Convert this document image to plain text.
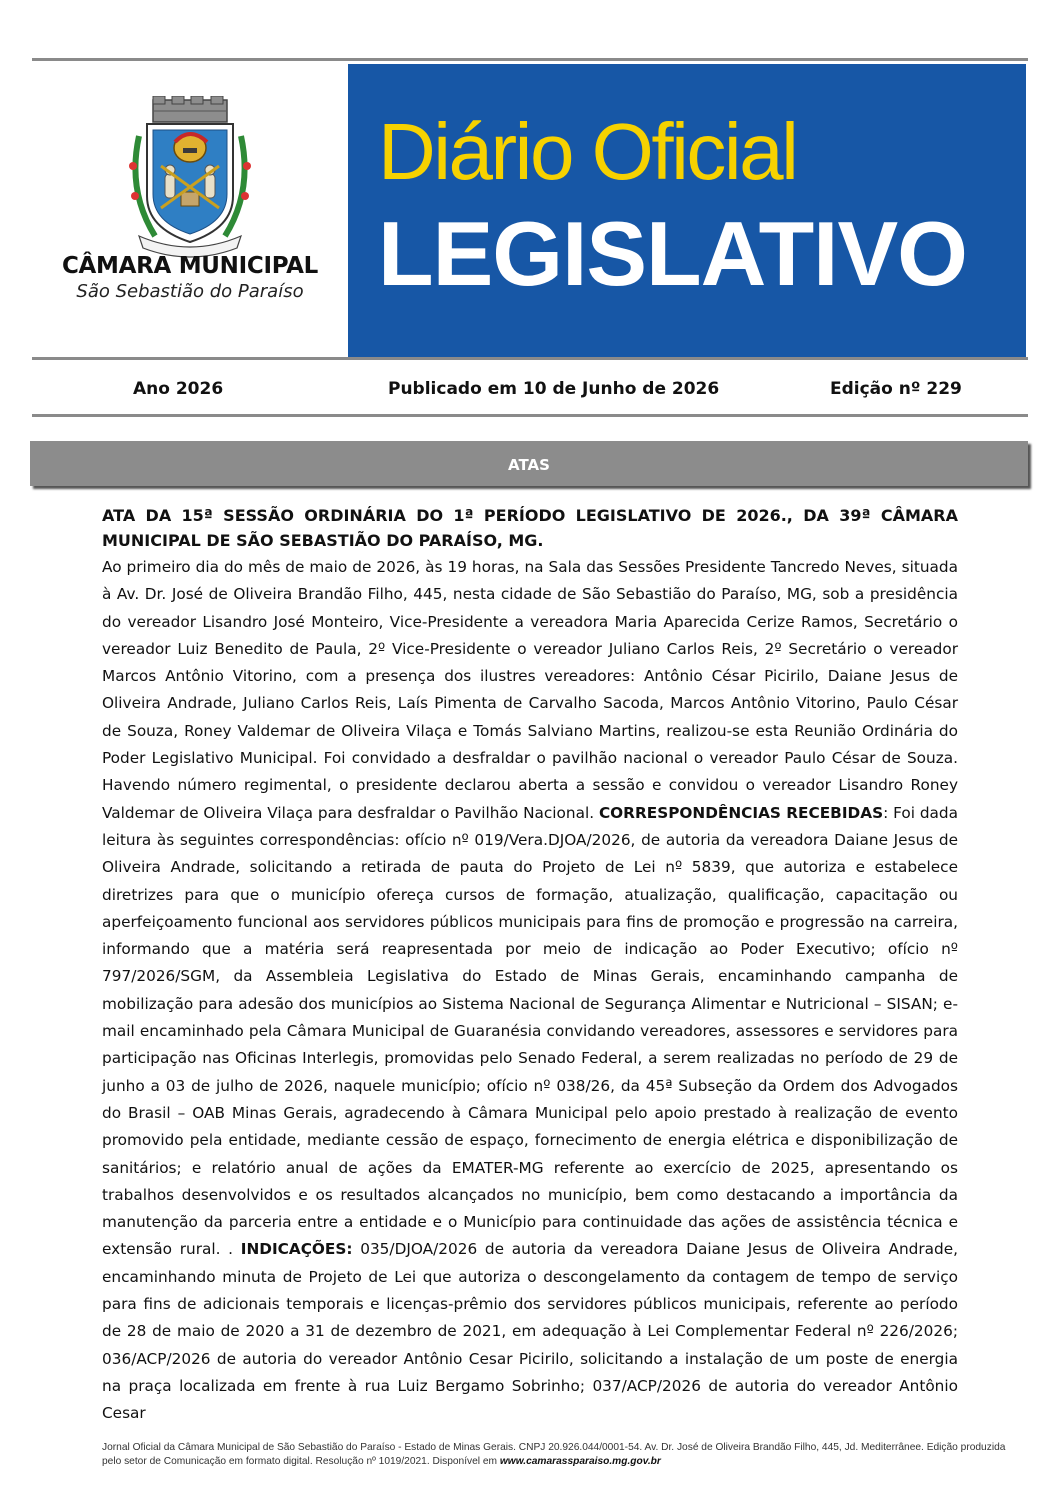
CÂMARA MUNICIPAL
São Sebastião do Paraíso
Diário Oficial
LEGISLATIVO
Ano 2026	Publicado em 10 de Junho de 2026	Edição nº 229
ATAS
ATA DA 15ª SESSÃO ORDINÁRIA DO 1ª PERÍODO LEGISLATIVO DE 2026., DA 39ª CÂMARA MUNICIPAL DE SÃO SEBASTIÃO DO PARAÍSO, MG.
Ao primeiro dia do mês de maio de 2026, às 19 horas, na Sala das Sessões Presidente Tancredo Neves, situada à Av. Dr. José de Oliveira Brandão Filho, 445, nesta cidade de São Sebastião do Paraíso, MG, sob a presidência do vereador Lisandro José Monteiro, Vice-Presidente a vereadora Maria Aparecida Cerize Ramos, Secretário o vereador Luiz Benedito de Paula, 2º Vice-Presidente o vereador Juliano Carlos Reis, 2º Secretário o vereador Marcos Antônio Vitorino, com a presença dos ilustres vereadores: Antônio César Picirilo, Daiane Jesus de Oliveira Andrade, Juliano Carlos Reis, Laís Pimenta de Carvalho Sacoda, Marcos Antônio Vitorino, Paulo César de Souza, Roney Valdemar de Oliveira Vilaça e Tomás Salviano Martins, realizou-se esta Reunião Ordinária do Poder Legislativo Municipal. Foi convidado a desfraldar o pavilhão nacional o vereador Paulo César de Souza. Havendo número regimental, o presidente declarou aberta a sessão e convidou o vereador Lisandro Roney Valdemar de Oliveira Vilaça para desfraldar o Pavilhão Nacional. CORRESPONDÊNCIAS RECEBIDAS: Foi dada leitura às seguintes correspondências: ofício nº 019/Vera.DJOA/2026, de autoria da vereadora Daiane Jesus de Oliveira Andrade, solicitando a retirada de pauta do Projeto de Lei nº 5839, que autoriza e estabelece diretrizes para que o município ofereça cursos de formação, atualização, qualificação, capacitação ou aperfeiçoamento funcional aos servidores públicos municipais para fins de promoção e progressão na carreira, informando que a matéria será reapresentada por meio de indicação ao Poder Executivo; ofício nº 797/2026/SGM, da Assembleia Legislativa do Estado de Minas Gerais, encaminhando campanha de mobilização para adesão dos municípios ao Sistema Nacional de Segurança Alimentar e Nutricional – SISAN; e-mail encaminhado pela Câmara Municipal de Guaranésia convidando vereadores, assessores e servidores para participação nas Oficinas Interlegis, promovidas pelo Senado Federal, a serem realizadas no período de 29 de junho a 03 de julho de 2026, naquele município; ofício nº 038/26, da 45ª Subseção da Ordem dos Advogados do Brasil – OAB Minas Gerais, agradecendo à Câmara Municipal pelo apoio prestado à realização de evento promovido pela entidade, mediante cessão de espaço, fornecimento de energia elétrica e disponibilização de sanitários; e relatório anual de ações da EMATER-MG referente ao exercício de 2025, apresentando os trabalhos desenvolvidos e os resultados alcançados no município, bem como destacando a importância da manutenção da parceria entre a entidade e o Município para continuidade das ações de assistência técnica e extensão rural. . INDICAÇÕES: 035/DJOA/2026 de autoria da vereadora Daiane Jesus de Oliveira Andrade, encaminhando minuta de Projeto de Lei que autoriza o descongelamento da contagem de tempo de serviço para fins de adicionais temporais e licenças-prêmio dos servidores públicos municipais, referente ao período de 28 de maio de 2020 a 31 de dezembro de 2021, em adequação à Lei Complementar Federal nº 226/2026; 036/ACP/2026 de autoria do vereador Antônio Cesar Picirilo, solicitando a instalação de um poste de energia na praça localizada em frente à rua Luiz Bergamo Sobrinho; 037/ACP/2026 de autoria do vereador Antônio Cesar
Jornal Oficial da Câmara Municipal de São Sebastião do Paraíso - Estado de Minas Gerais. CNPJ 20.926.044/0001-54. Av. Dr. José de Oliveira Brandão Filho, 445, Jd. Mediterrânee. Edição produzida pelo setor de Comunicação em formato digital. Resolução nº 1019/2021. Disponível em www.camarassparaiso.mg.gov.br
